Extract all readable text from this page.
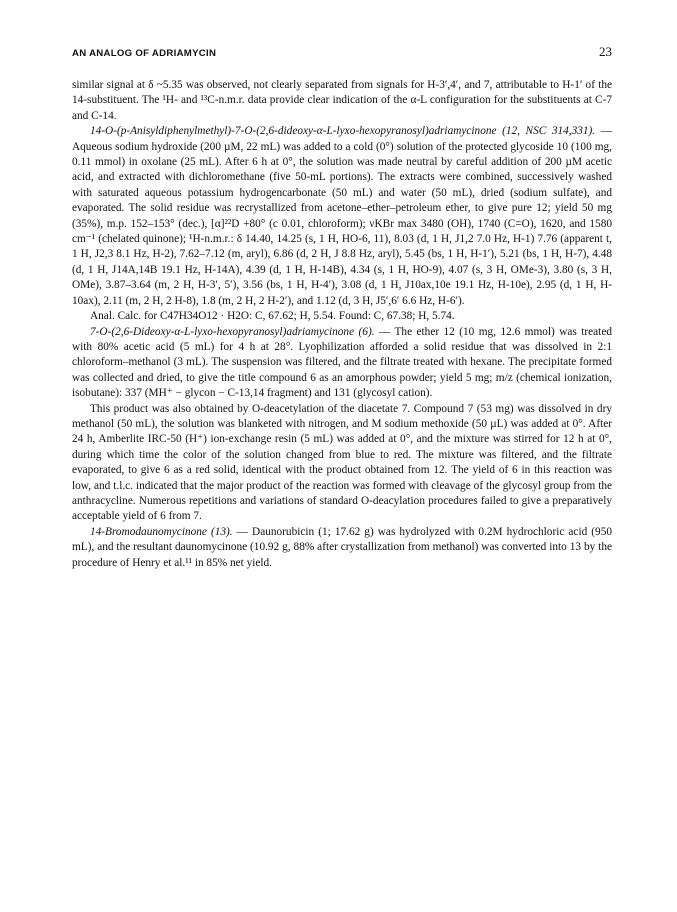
AN ANALOG OF ADRIAMYCIN	23

similar signal at δ ~5.35 was observed, not clearly separated from signals for H-3′,4′, and 7, attributable to H-1′ of the 14-substituent. The ¹H- and ¹³C-n.m.r. data provide clear indication of the α-L configuration for the substituents at C-7 and C-14.

14-O-(p-Anisyldiphenylmethyl)-7-O-(2,6-dideoxy-α-L-lyxo-hexopyranosyl)adriamycinone (12, NSC 314,331). — Aqueous sodium hydroxide (200 µM, 22 mL) was added to a cold (0°) solution of the protected glycoside 10 (100 mg, 0.11 mmol) in oxolane (25 mL). After 6 h at 0°, the solution was made neutral by careful addition of 200 µM acetic acid, and extracted with dichloromethane (five 50-mL portions). The extracts were combined, successively washed with saturated aqueous potassium hydrogencarbonate (50 mL) and water (50 mL), dried (sodium sulfate), and evaporated. The solid residue was recrystallized from acetone–ether–petroleum ether, to give pure 12; yield 50 mg (35%), m.p. 152–153° (dec.), [α]²²D +80° (c 0.01, chloroform); νKBr max 3480 (OH), 1740 (C=O), 1620, and 1580 cm⁻¹ (chelated quinone); ¹H-n.m.r.: δ 14.40, 14.25 (s, 1 H, HO-6, 11), 8.03 (d, 1 H, J1,2 7.0 Hz, H-1) 7.76 (apparent t, 1 H, J2,3 8.1 Hz, H-2), 7.62–7.12 (m, aryl), 6.86 (d, 2 H, J 8.8 Hz, aryl), 5.45 (bs, 1 H, H-1′), 5.21 (bs, 1 H, H-7), 4.48 (d, 1 H, J14A,14B 19.1 Hz, H-14A), 4.39 (d, 1 H, H-14B), 4.34 (s, 1 H, HO-9), 4.07 (s, 3 H, OMe-3), 3.80 (s, 3 H, OMe), 3.87–3.64 (m, 2 H, H-3′, 5′), 3.56 (bs, 1 H, H-4′), 3.08 (d, 1 H, J10ax,10e 19.1 Hz, H-10e), 2.95 (d, 1 H, H-10ax), 2.11 (m, 2 H, 2 H-8), 1.8 (m, 2 H, 2 H-2′), and 1.12 (d, 3 H, J5′,6′ 6.6 Hz, H-6′).

Anal. Calc. for C47H34O12 · H2O: C, 67.62; H, 5.54. Found: C, 67.38; H, 5.74.

7-O-(2,6-Dideoxy-α-L-lyxo-hexopyranosyl)adriamycinone (6). — The ether 12 (10 mg, 12.6 mmol) was treated with 80% acetic acid (5 mL) for 4 h at 28°. Lyophilization afforded a solid residue that was dissolved in 2:1 chloroform–methanol (3 mL). The suspension was filtered, and the filtrate treated with hexane. The precipitate formed was collected and dried, to give the title compound 6 as an amorphous powder; yield 5 mg; m/z (chemical ionization, isobutane): 337 (MH⁺ − glycon − C-13,14 fragment) and 131 (glycosyl cation).

This product was also obtained by O-deacetylation of the diacetate 7. Compound 7 (53 mg) was dissolved in dry methanol (50 mL), the solution was blanketed with nitrogen, and M sodium methoxide (50 µL) was added at 0°. After 24 h, Amberlite IRC-50 (H⁺) ion-exchange resin (5 mL) was added at 0°, and the mixture was stirred for 12 h at 0°, during which time the color of the solution changed from blue to red. The mixture was filtered, and the filtrate evaporated, to give 6 as a red solid, identical with the product obtained from 12. The yield of 6 in this reaction was low, and t.l.c. indicated that the major product of the reaction was formed with cleavage of the glycosyl group from the anthracycline. Numerous repetitions and variations of standard O-deacylation procedures failed to give a preparatively acceptable yield of 6 from 7.

14-Bromodaunomycinone (13). — Daunorubicin (1; 17.62 g) was hydrolyzed with 0.2M hydrochloric acid (950 mL), and the resultant daunomycinone (10.92 g, 88% after crystallization from methanol) was converted into 13 by the procedure of Henry et al.¹¹ in 85% net yield.
